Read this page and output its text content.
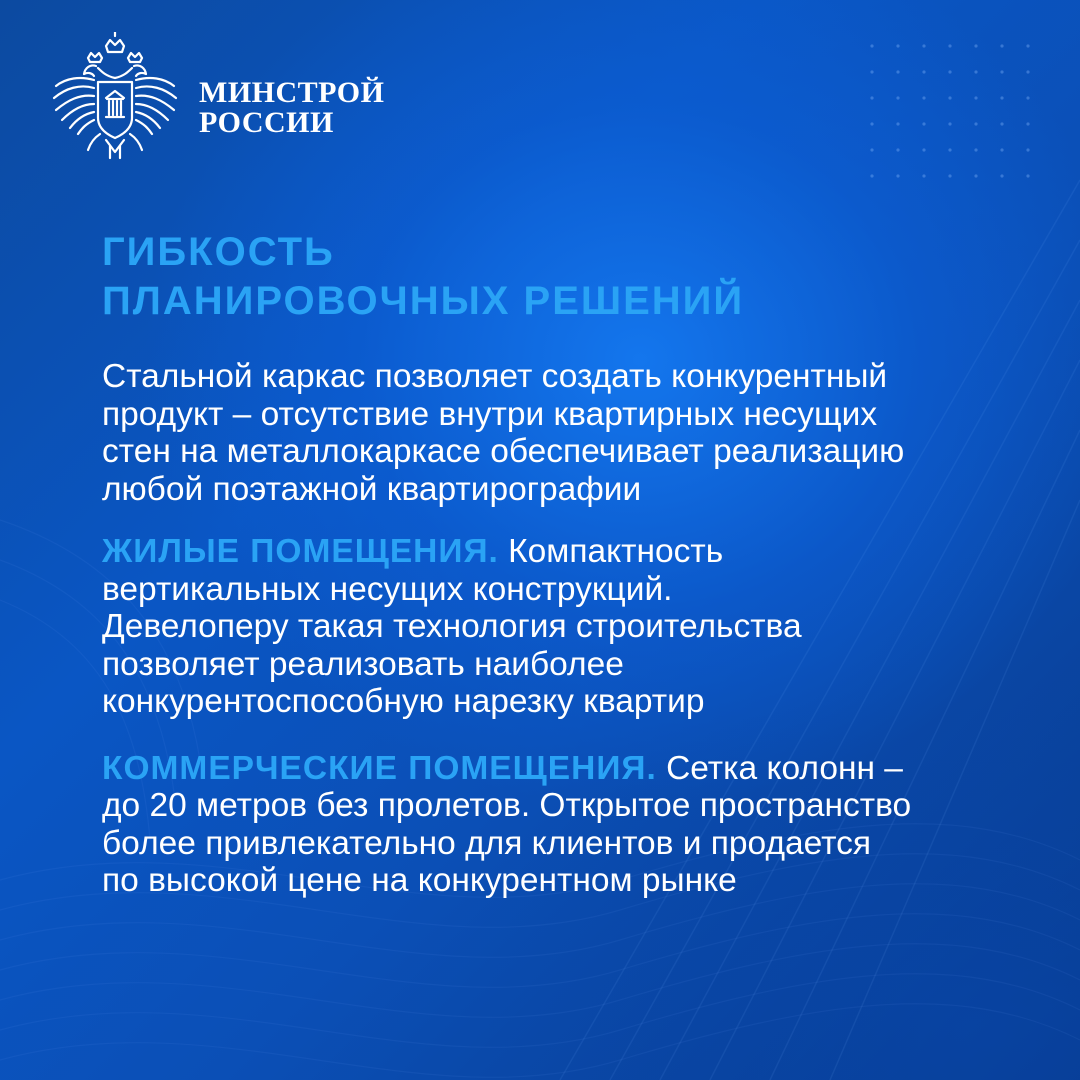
МИНСТРОЙ
РОССИИ
ГИБКОСТЬ
ПЛАНИРОВОЧНЫХ РЕШЕНИЙ

Стальной каркас позволяет создать конкурентный
продукт – отсутствие внутри квартирных несущих
стен на металлокаркасе обеспечивает реализацию
любой поэтажной квартирографии

ЖИЛЫЕ ПОМЕЩЕНИЯ. Компактность
вертикальных несущих конструкций.
Девелоперу такая технология строительства
позволяет реализовать наиболее
конкурентоспособную нарезку квартир

КОММЕРЧЕСКИЕ ПОМЕЩЕНИЯ. Сетка колонн –
до 20 метров без пролетов. Открытое пространство
более привлекательно для клиентов и продается
по высокой цене на конкурентном рынке
